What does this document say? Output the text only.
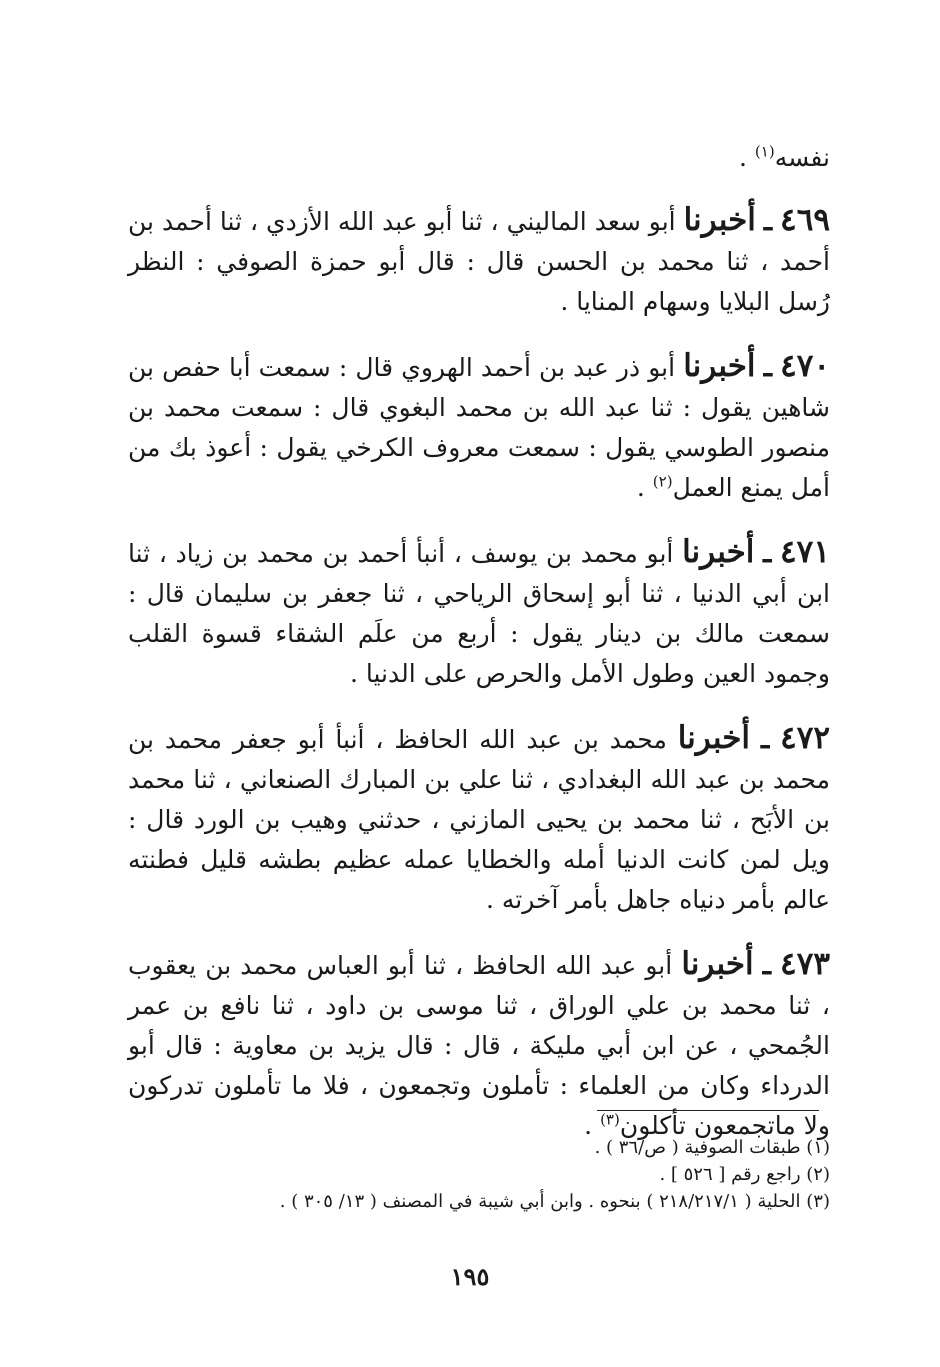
نفسه$^{(١)}$ .

٤٦٩ ـ أخبرنا أبو سعد الماليني ، ثنا أبو عبد الله الأزدي ، ثنا أحمد بن أحمد ، ثنا محمد بن الحسن قال : قال أبو حمزة الصوفي : النظر رُسل البلايا وسهام المنايا .

٤٧٠ ـ أخبرنا أبو ذر عبد بن أحمد الهروي قال : سمعت أبا حفص بن شاهين يقول : ثنا عبد الله بن محمد البغوي قال : سمعت محمد بن منصور الطوسي يقول : سمعت معروف الكرخي يقول : أعوذ بك من أمل يمنع العمل$^{(٢)}$ .

٤٧١ ـ أخبرنا أبو محمد بن يوسف ، أنبأ أحمد بن محمد بن زياد ، ثنا ابن أبي الدنيا ، ثنا أبو إسحاق الرياحي ، ثنا جعفر بن سليمان قال : سمعت مالك بن دينار يقول : أربع من علَم الشقاء قسوة القلب وجمود العين وطول الأمل والحرص على الدنيا .

٤٧٢ ـ أخبرنا محمد بن عبد الله الحافظ ، أنبأ أبو جعفر محمد بن محمد بن عبد الله البغدادي ، ثنا علي بن المبارك الصنعاني ، ثنا محمد بن الأبَح ، ثنا محمد بن يحيى المازني ، حدثني وهيب بن الورد قال : ويل لمن كانت الدنيا أمله والخطايا عمله عظيم بطشه قليل فطنته عالم بأمر دنياه جاهل بأمر آخرته .

٤٧٣ ـ أخبرنا أبو عبد الله الحافظ ، ثنا أبو العباس محمد بن يعقوب ، ثنا محمد بن علي الوراق ، ثنا موسى بن داود ، ثنا نافع بن عمر الجُمحي ، عن ابن أبي مليكة ، قال : قال يزيد بن معاوية : قال أبو الدرداء وكان من العلماء : تأملون وتجمعون ، فلا ما تأملون تدركون ولا ماتجمعون تأكلون$^{(٣)}$ .

(١) طبقات الصوفية ( ص/٣٦ ) .

(٢) راجع رقم [ ٥٢٦ ] .

(٣) الحلية ( ٢١٨/٢١٧/١ ) بنحوه . وابن أبي شيبة في المصنف ( ١٣/ ٣٠٥ ) .

١٩٥
